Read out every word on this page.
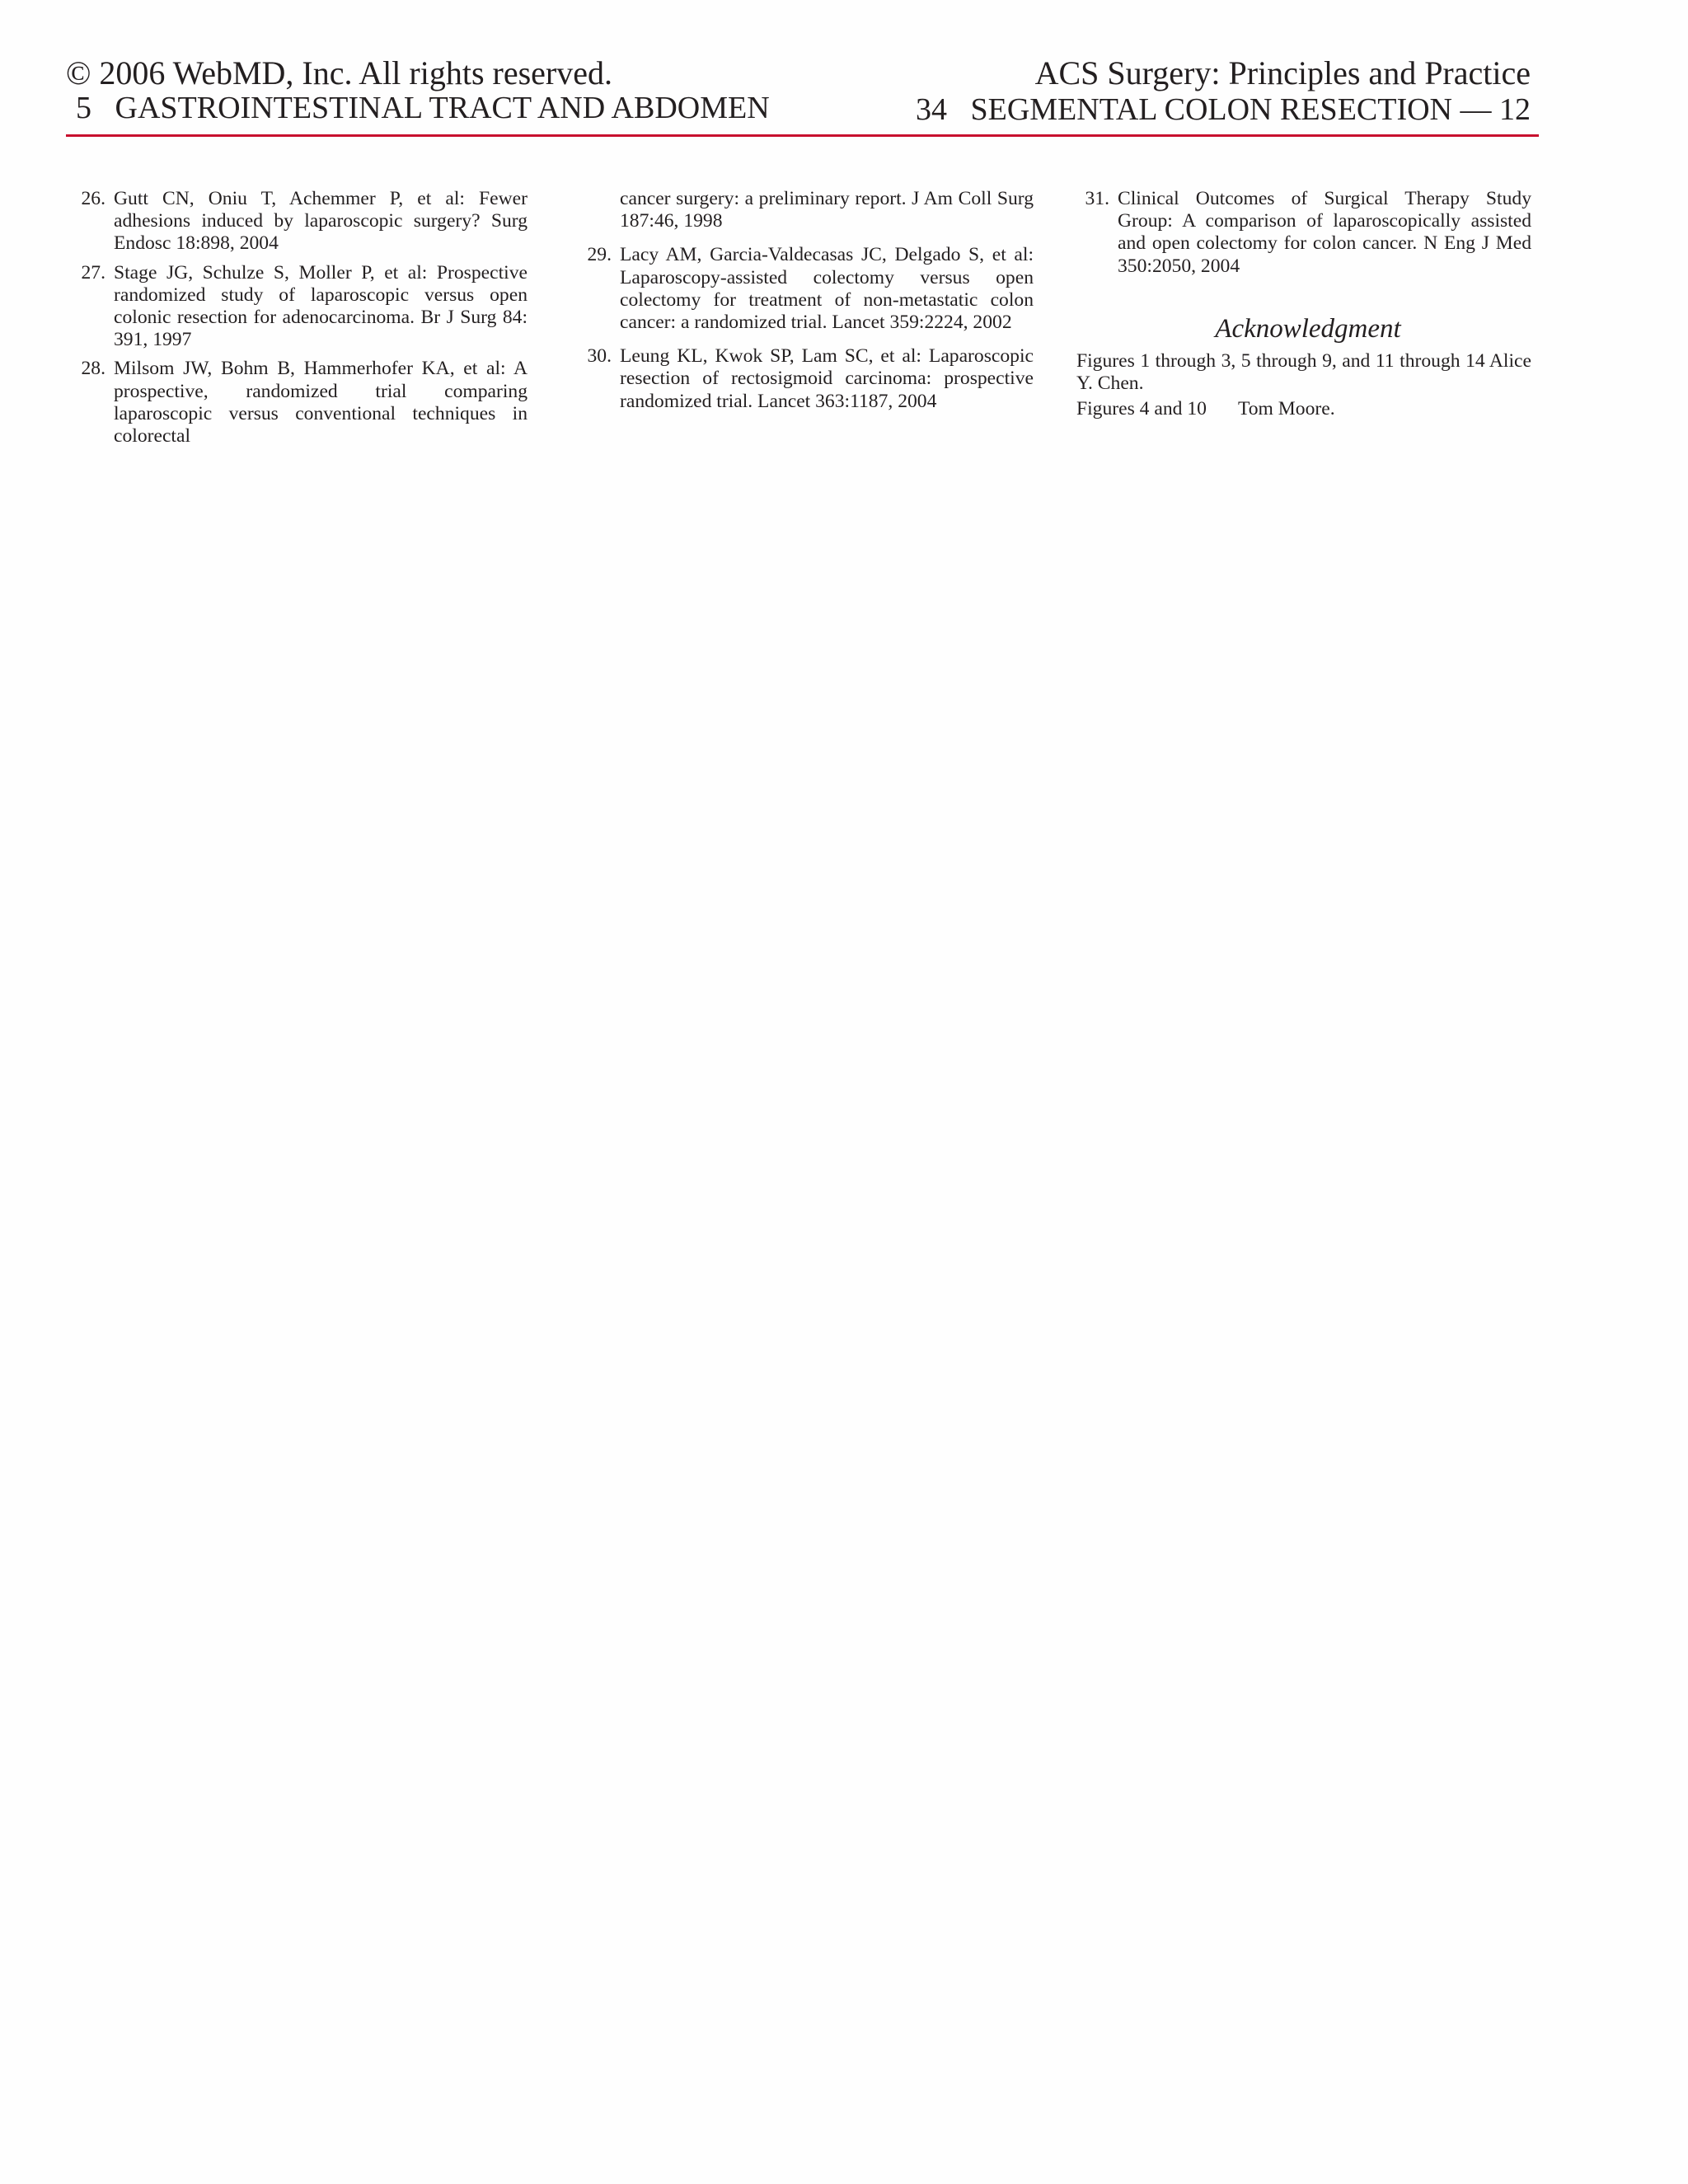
© 2006 WebMD, Inc. All rights reserved.
5   GASTROINTESTINAL TRACT AND ABDOMEN
ACS Surgery: Principles and Practice
34   SEGMENTAL COLON RESECTION — 12
26. Gutt CN, Oniu T, Achemmer P, et al: Fewer adhesions induced by laparoscopic surgery? Surg Endosc 18:898, 2004
27. Stage JG, Schulze S, Moller P, et al: Prospective randomized study of laparoscopic versus open colonic resection for adenocarcinoma. Br J Surg 84: 391, 1997
28. Milsom JW, Bohm B, Hammerhofer KA, et al: A prospective, randomized trial comparing laparoscopic versus conventional techniques in colorectal
cancer surgery: a preliminary report. J Am Coll Surg 187:46, 1998
29. Lacy AM, Garcia-Valdecasas JC, Delgado S, et al: Laparoscopy-assisted colectomy versus open colectomy for treatment of non-metastatic colon cancer: a randomized trial. Lancet 359:2224, 2002
30. Leung KL, Kwok SP, Lam SC, et al: Laparoscopic resection of rectosigmoid carcinoma: prospective randomized trial. Lancet 363:1187, 2004
31. Clinical Outcomes of Surgical Therapy Study Group: A comparison of laparoscopically assisted and open colectomy for colon cancer. N Eng J Med 350:2050, 2004
Acknowledgment

Figures 1 through 3, 5 through 9, and 11 through 14 Alice Y. Chen.

Figures 4 and 10 Tom Moore.
